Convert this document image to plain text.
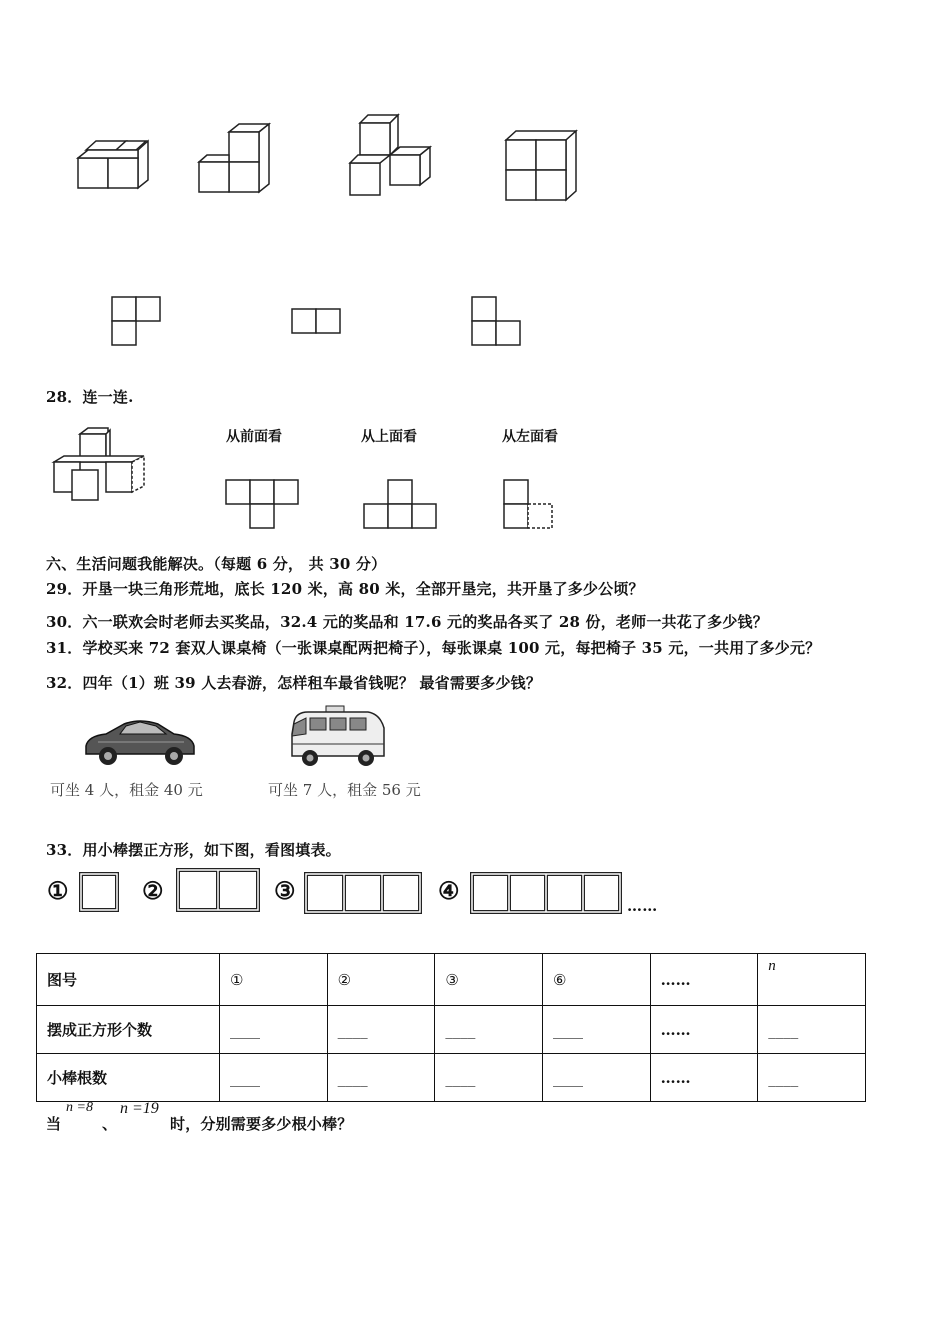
28．连一连.
从前面看	从上面看	从左面看
六、生活问题我能解决。（每题 6 分， 共 30 分）
29．开垦一块三角形荒地，底长 120 米，高 80 米，全部开垦完，共开垦了多少公顷？
30．六一联欢会时老师去买奖品，32.4 元的奖品和 17.6 元的奖品各买了 28 份，老师一共花了多少钱？
31．学校买来 72 套双人课桌椅（一张课桌配两把椅子），每张课桌 100 元，每把椅子 35 元，一共用了多少元？
32．四年（1）班 39 人去春游，怎样租车最省钱呢？ 最省需要多少钱？
可坐 4 人，租金 40 元	可坐 7 人，租金 56 元
33．用小棒摆正方形，如下图，看图填表。
①	②	③	④
……
图号	①	②	③	⑥	……	n
摆成正方形个数	____	____	____	____	……	____
小棒根数	____	____	____	____	……	____
当
n =8
、
n =19
时，分别需要多少根小棒？
